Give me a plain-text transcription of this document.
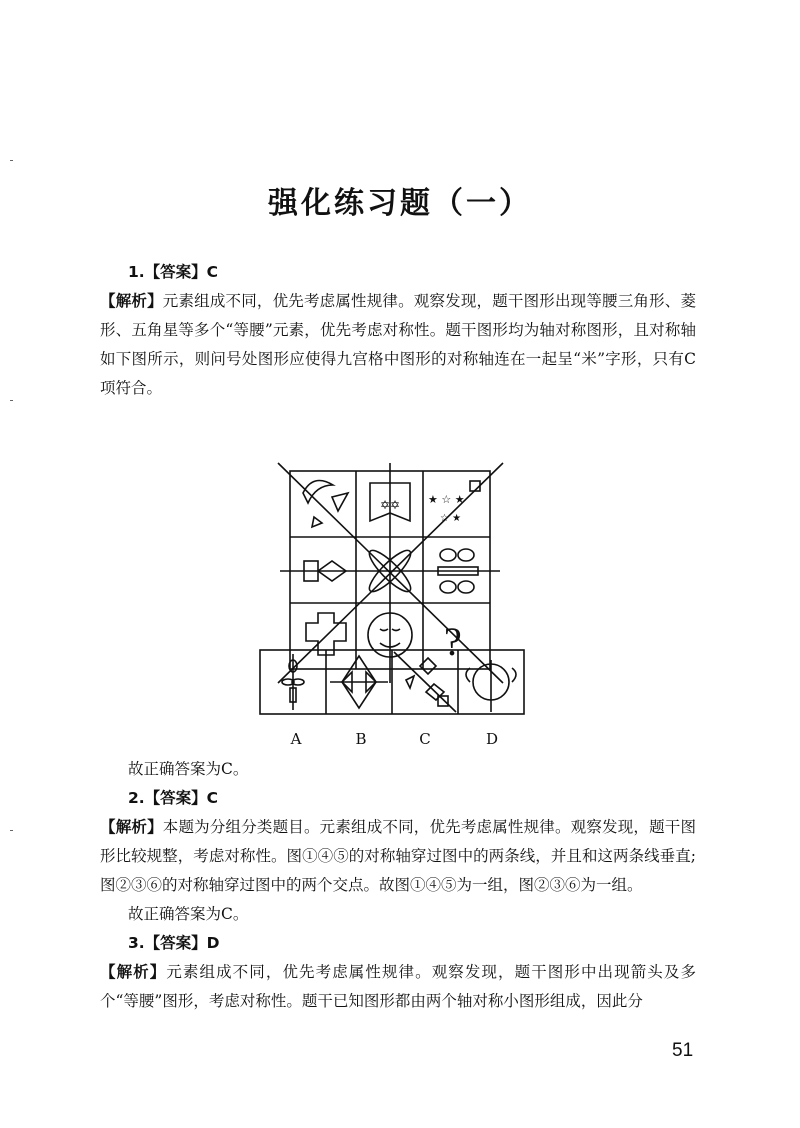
强化练习题（一）

1.【答案】C

【解析】元素组成不同，优先考虑属性规律。观察发现，题干图形出现等腰三角形、菱形、五角星等多个“等腰”元素，优先考虑对称性。题干图形均为轴对称图形，且对称轴如下图所示，则问号处图形应使得九宫格中图形的对称轴连在一起呈“米”字形，只有C项符合。

✡✡	★ ☆ ★
☆ ★
?
A	B	C	D

故正确答案为C。

2.【答案】C

【解析】本题为分组分类题目。元素组成不同，优先考虑属性规律。观察发现，题干图形比较规整，考虑对称性。图①④⑤的对称轴穿过图中的两条线，并且和这两条线垂直;图②③⑥的对称轴穿过图中的两个交点。故图①④⑤为一组，图②③⑥为一组。

故正确答案为C。

3.【答案】D

【解析】元素组成不同，优先考虑属性规律。观察发现，题干图形中出现箭头及多个“等腰”图形，考虑对称性。题干已知图形都由两个轴对称小图形组成，因此分

51
